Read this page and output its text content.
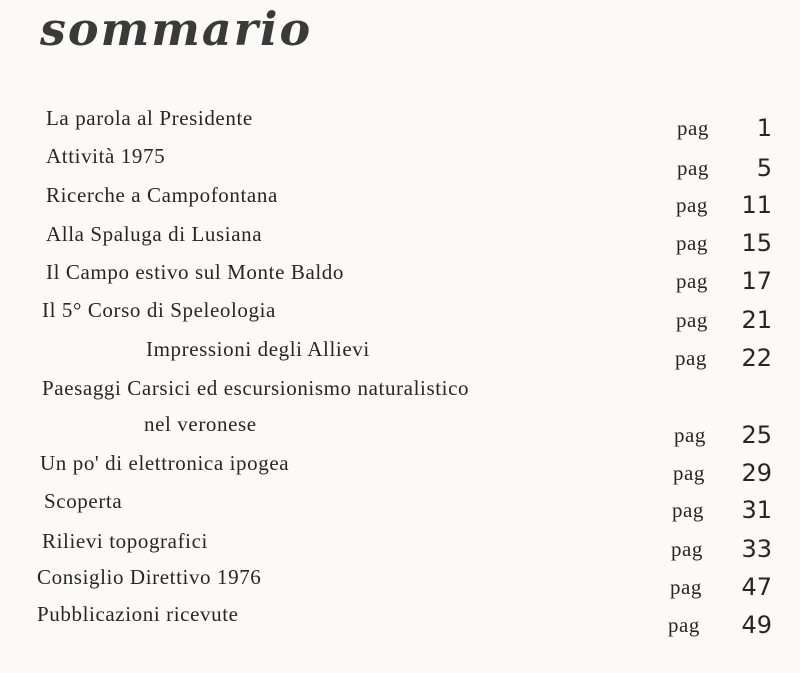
sommario
La parola al Presidente	pag 1
Attività 1975	pag 5
Ricerche a Campofontana	pag 11
Alla Spaluga di Lusiana	pag 15
Il Campo estivo sul Monte Baldo	pag 17
Il 5° Corso di Speleologia	pag 21
Impressioni degli Allievi	pag 22
Paesaggi Carsici ed escursionismo naturalistico
nel veronese	pag 25
Un po' di elettronica ipogea	pag 29
Scoperta	pag 31
Rilievi topografici	pag 33
Consiglio Direttivo 1976	pag 47
Pubblicazioni ricevute	pag 49
